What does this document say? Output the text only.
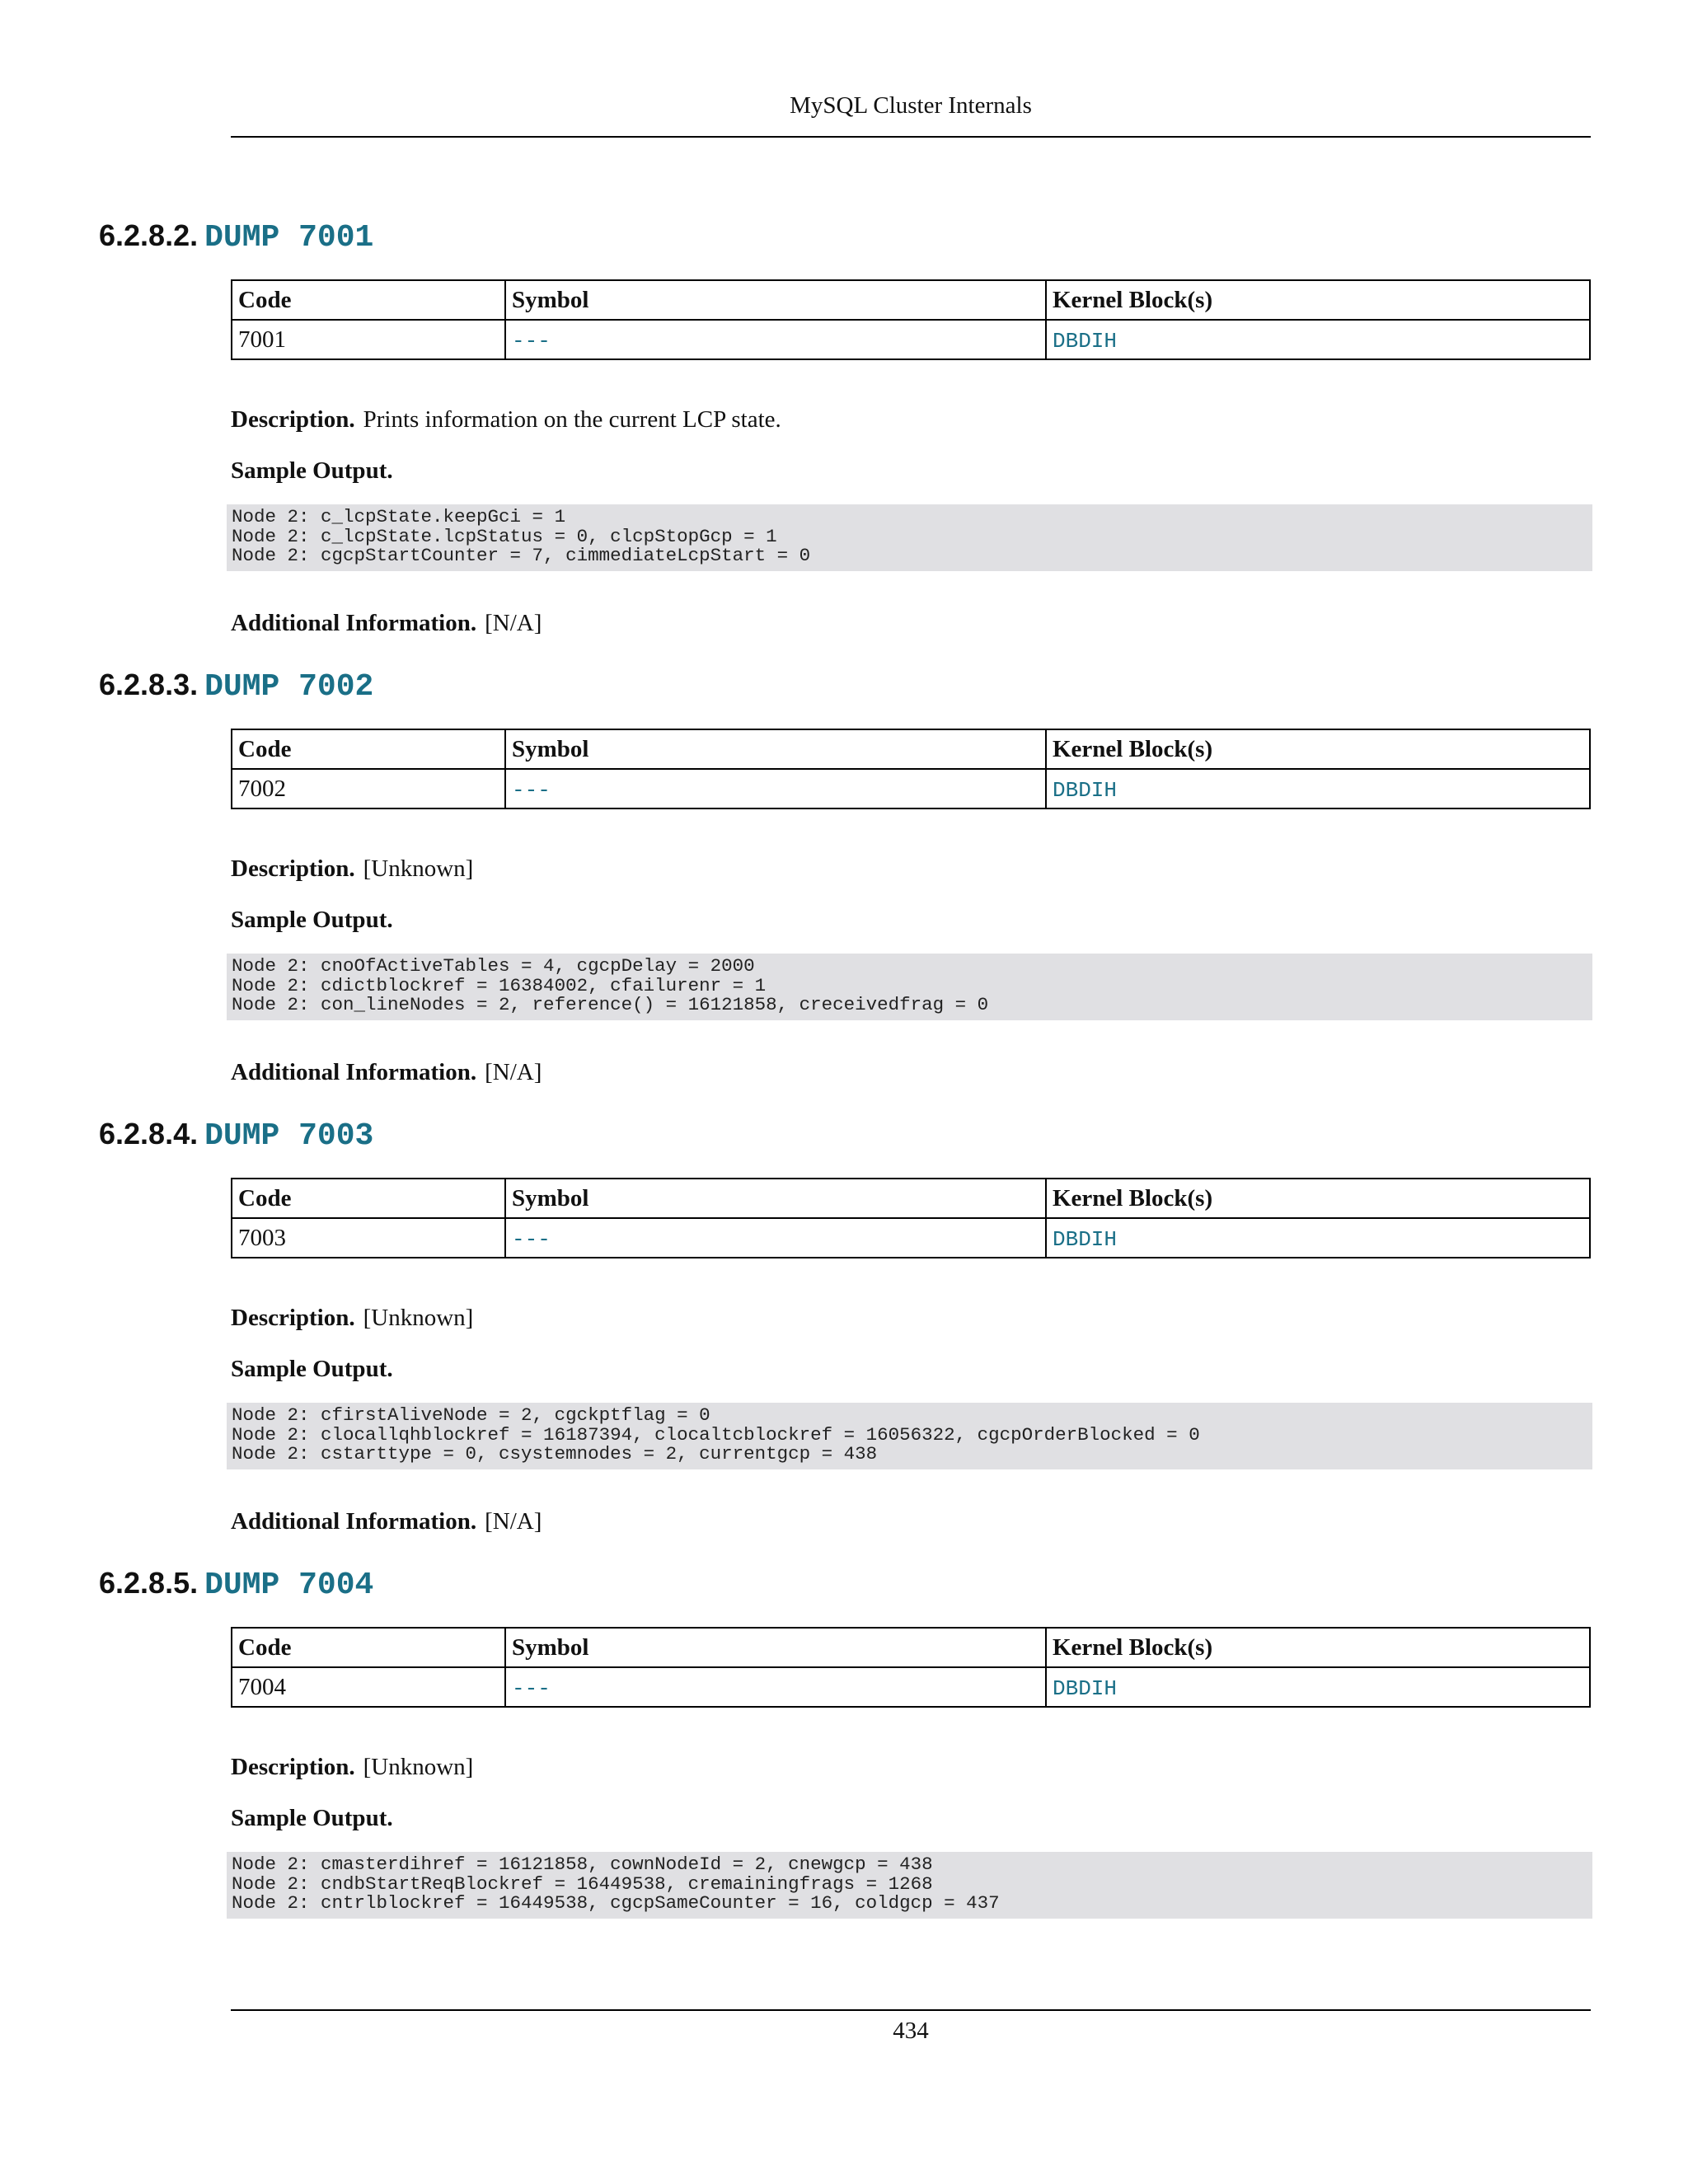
MySQL Cluster Internals
6.2.8.2. DUMP 7001
Code	Symbol	Kernel Block(s)
7001	---	DBDIH
Description. Prints information on the current LCP state.
Sample Output.
Node 2: c_lcpState.keepGci = 1
Node 2: c_lcpState.lcpStatus = 0, clcpStopGcp = 1
Node 2: cgcpStartCounter = 7, cimmediateLcpStart = 0
Additional Information. [N/A]
6.2.8.3. DUMP 7002
Code	Symbol	Kernel Block(s)
7002	---	DBDIH
Description. [Unknown]
Sample Output.
Node 2: cnoOfActiveTables = 4, cgcpDelay = 2000
Node 2: cdictblockref = 16384002, cfailurenr = 1
Node 2: con_lineNodes = 2, reference() = 16121858, creceivedfrag = 0
Additional Information. [N/A]
6.2.8.4. DUMP 7003
Code	Symbol	Kernel Block(s)
7003	---	DBDIH
Description. [Unknown]
Sample Output.
Node 2: cfirstAliveNode = 2, cgckptflag = 0
Node 2: clocallqhblockref = 16187394, clocaltcblockref = 16056322, cgcpOrderBlocked = 0
Node 2: cstarttype = 0, csystemnodes = 2, currentgcp = 438
Additional Information. [N/A]
6.2.8.5. DUMP 7004
Code	Symbol	Kernel Block(s)
7004	---	DBDIH
Description. [Unknown]
Sample Output.
Node 2: cmasterdihref = 16121858, cownNodeId = 2, cnewgcp = 438
Node 2: cndbStartReqBlockref = 16449538, cremainingfrags = 1268
Node 2: cntrlblockref = 16449538, cgcpSameCounter = 16, coldgcp = 437
434
